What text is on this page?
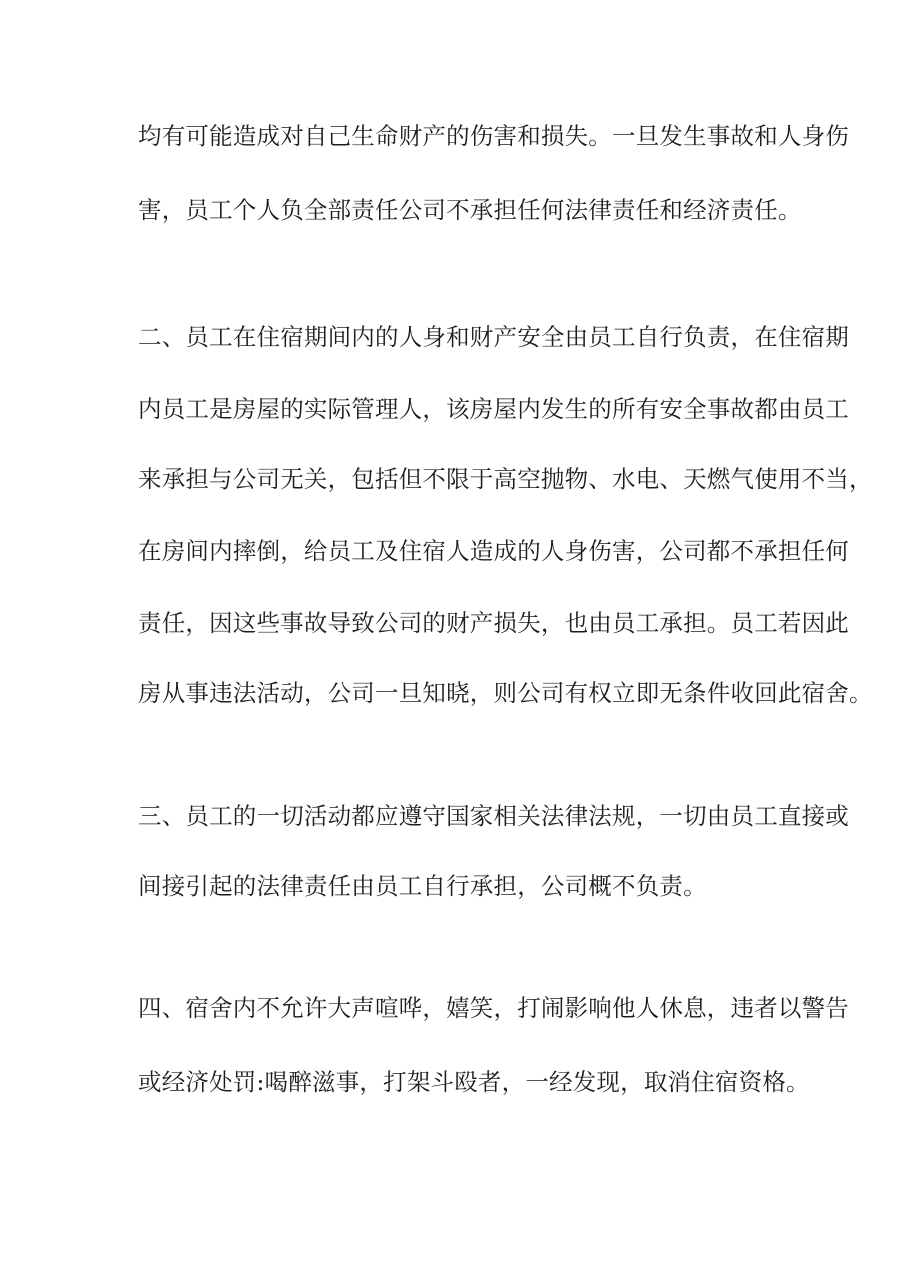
均有可能造成对自己生命财产的伤害和损失。一旦发生事故和人身伤

害，员工个人负全部责任公司不承担任何法律责任和经济责任。

二、员工在住宿期间内的人身和财产安全由员工自行负责，在住宿期

内员工是房屋的实际管理人，该房屋内发生的所有安全事故都由员工

来承担与公司无关，包括但不限于高空抛物、水电、天燃气使用不当，

在房间内摔倒，给员工及住宿人造成的人身伤害，公司都不承担任何

责任，因这些事故导致公司的财产损失，也由员工承担。员工若因此

房从事违法活动，公司一旦知晓，则公司有权立即无条件收回此宿舍。

三、员工的一切活动都应遵守国家相关法律法规，一切由员工直接或

间接引起的法律责任由员工自行承担，公司概不负责。

四、宿舍内不允许大声喧哗，嬉笑，打闹影响他人休息，违者以警告

或经济处罚:喝醉滋事，打架斗殴者，一经发现，取消住宿资格。
